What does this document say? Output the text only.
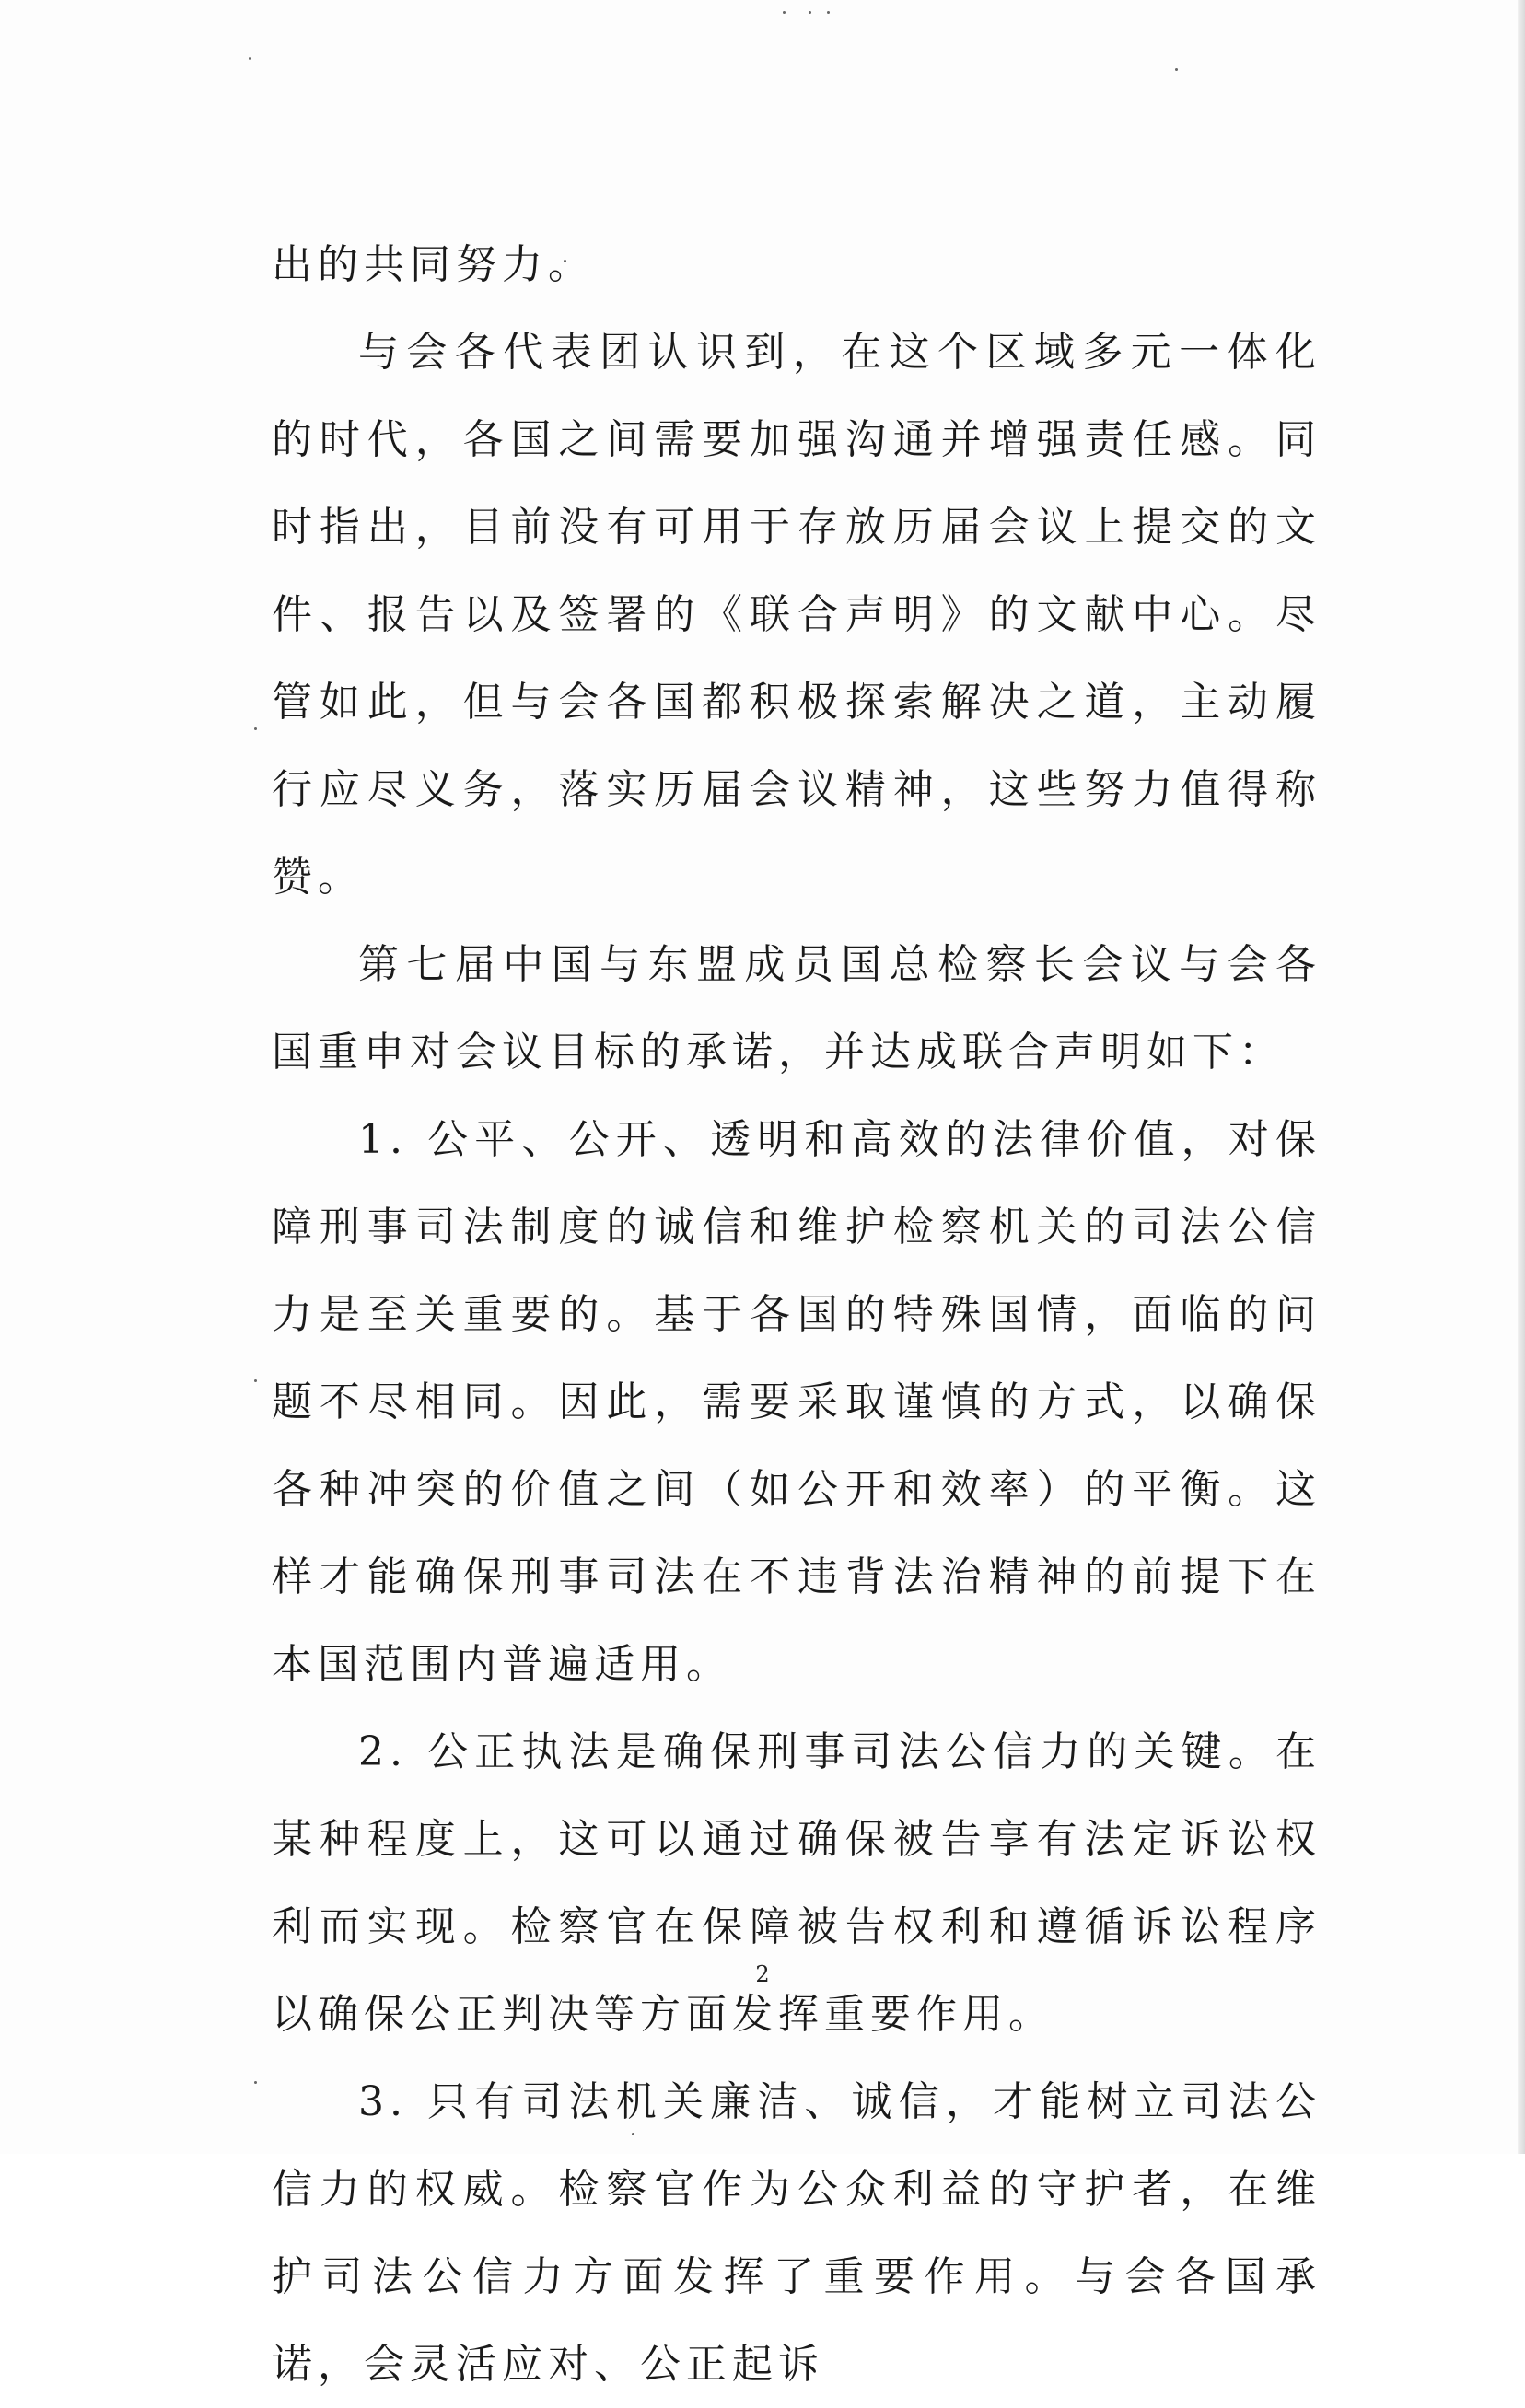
出的共同努力。

与会各代表团认识到，在这个区域多元一体化的时代，各国之间需要加强沟通并增强责任感。同时指出，目前没有可用于存放历届会议上提交的文件、报告以及签署的《联合声明》的文献中心。尽管如此，但与会各国都积极探索解决之道，主动履行应尽义务，落实历届会议精神，这些努力值得称赞。

第七届中国与东盟成员国总检察长会议与会各国重申对会议目标的承诺，并达成联合声明如下：

1. 公平、公开、透明和高效的法律价值，对保障刑事司法制度的诚信和维护检察机关的司法公信力是至关重要的。基于各国的特殊国情，面临的问题不尽相同。因此，需要采取谨慎的方式，以确保各种冲突的价值之间（如公开和效率）的平衡。这样才能确保刑事司法在不违背法治精神的前提下在本国范围内普遍适用。

2. 公正执法是确保刑事司法公信力的关键。在某种程度上，这可以通过确保被告享有法定诉讼权利而实现。检察官在保障被告权利和遵循诉讼程序以确保公正判决等方面发挥重要作用。

3. 只有司法机关廉洁、诚信，才能树立司法公信力的权威。检察官作为公众利益的守护者，在维护司法公信力方面发挥了重要作用。与会各国承诺，会灵活应对、公正起诉

2
